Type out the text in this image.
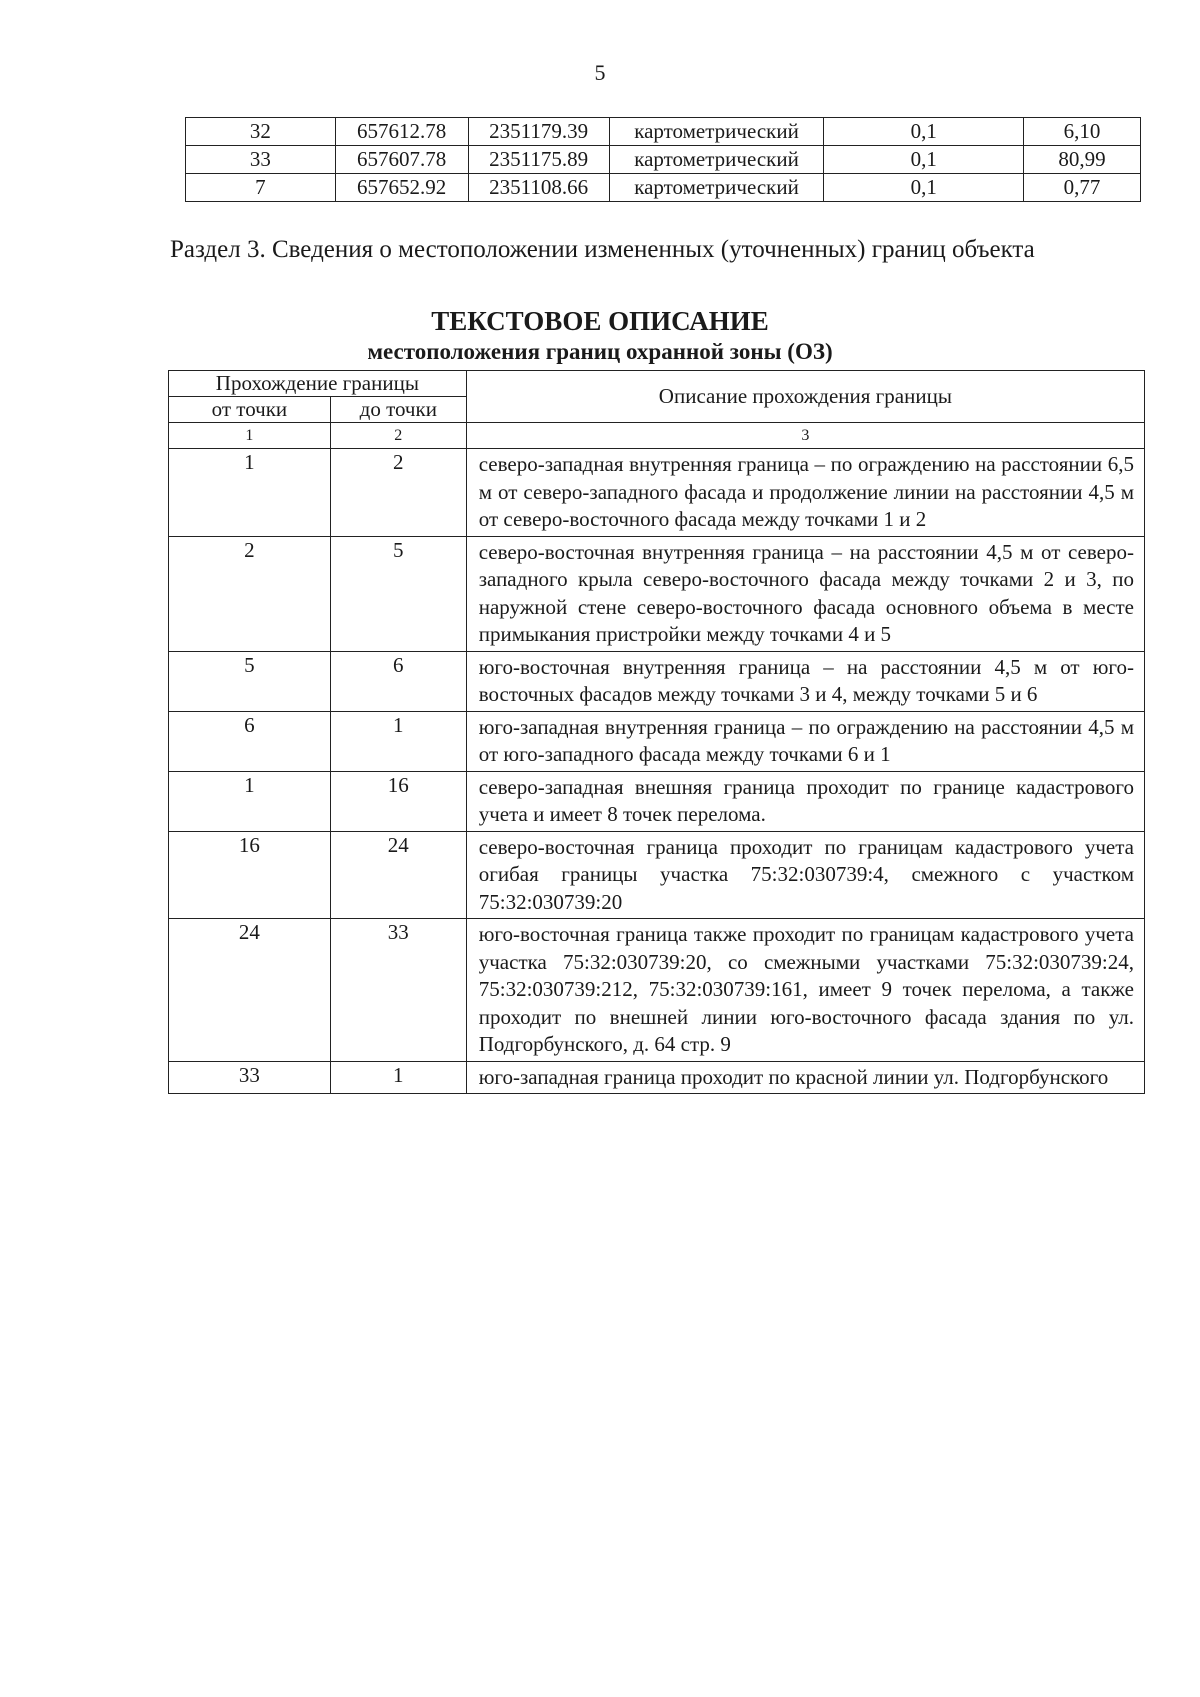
5
32	657612.78	2351179.39	картометрический	0,1	6,10
33	657607.78	2351175.89	картометрический	0,1	80,99
7	657652.92	2351108.66	картометрический	0,1	0,77
Раздел 3. Сведения о местоположении измененных (уточненных) границ объекта
ТЕКСТОВОЕ ОПИСАНИЕ
местоположения границ охранной зоны (ОЗ)
Прохождение границы		Описание прохождения границы
от точки	до точки	
1	2	3
1	2	северо-западная внутренняя граница – по ограждению на расстоянии 6,5 м от северо-западного фасада и продолжение линии на расстоянии 4,5 м от северо-восточного фасада между точками 1 и 2
2	5	северо-восточная внутренняя граница – на расстоянии 4,5 м от северо-западного крыла северо-восточного фасада между точками 2 и 3, по наружной стене северо-восточного фасада основного объема в месте примыкания пристройки между точками 4 и 5
5	6	юго-восточная внутренняя граница – на расстоянии 4,5 м от юго-восточных фасадов между точками 3 и 4, между точками 5 и 6
6	1	юго-западная внутренняя граница – по ограждению на расстоянии 4,5 м от юго-западного фасада между точками 6 и 1
1	16	северо-западная внешняя граница проходит по границе кадастрового учета и имеет 8 точек перелома.
16	24	северо-восточная граница проходит по границам кадастрового учета огибая границы участка 75:32:030739:4, смежного с участком 75:32:030739:20
24	33	юго-восточная граница также проходит по границам кадастрового учета участка 75:32:030739:20, со смежными участками 75:32:030739:24, 75:32:030739:212, 75:32:030739:161, имеет 9 точек перелома, а также проходит по внешней линии юго-восточного фасада здания по ул. Подгорбунского, д. 64 стр. 9
33	1	юго-западная граница проходит по красной линии ул. Подгорбунского
